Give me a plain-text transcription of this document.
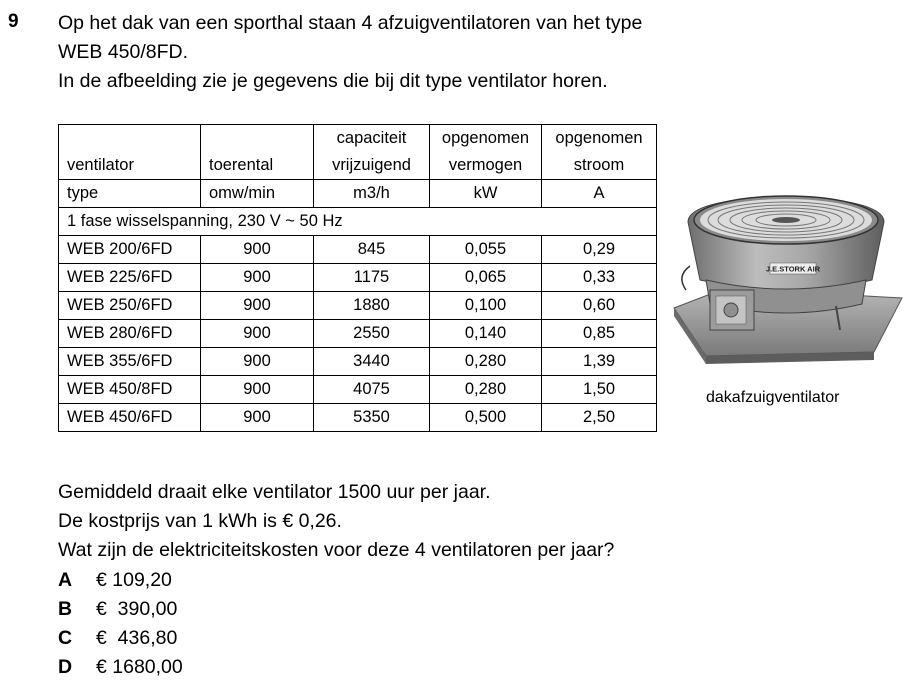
9 Op het dak van een sporthal staan 4 afzuigventilatoren van het type
WEB 450/8FD.
In de afbeelding zie je gegevens die bij dit type ventilator horen.
		capaciteit	opgenomen	opgenomen
ventilator	toerental	vrijzuigend	vermogen	stroom
type	omw/min	m3/h	kW	A
1 fase wisselspanning, 230 V ~ 50 Hz				
WEB 200/6FD	900	845	0,055	0,29
WEB 225/6FD	900	1175	0,065	0,33
WEB 250/6FD	900	1880	0,100	0,60
WEB 280/6FD	900	2550	0,140	0,85
WEB 355/6FD	900	3440	0,280	1,39
WEB 450/8FD	900	4075	0,280	1,50
WEB 450/6FD	900	5350	0,500	2,50
J.E.STORK AIR
dakafzuigventilator
Gemiddeld draait elke ventilator 1500 uur per jaar.
De kostprijs van 1 kWh is € 0,26.
Wat zijn de elektriciteitskosten voor deze 4 ventilatoren per jaar?
A	€ 109,20
B	€  390,00
C	€  436,80
D	€ 1680,00
